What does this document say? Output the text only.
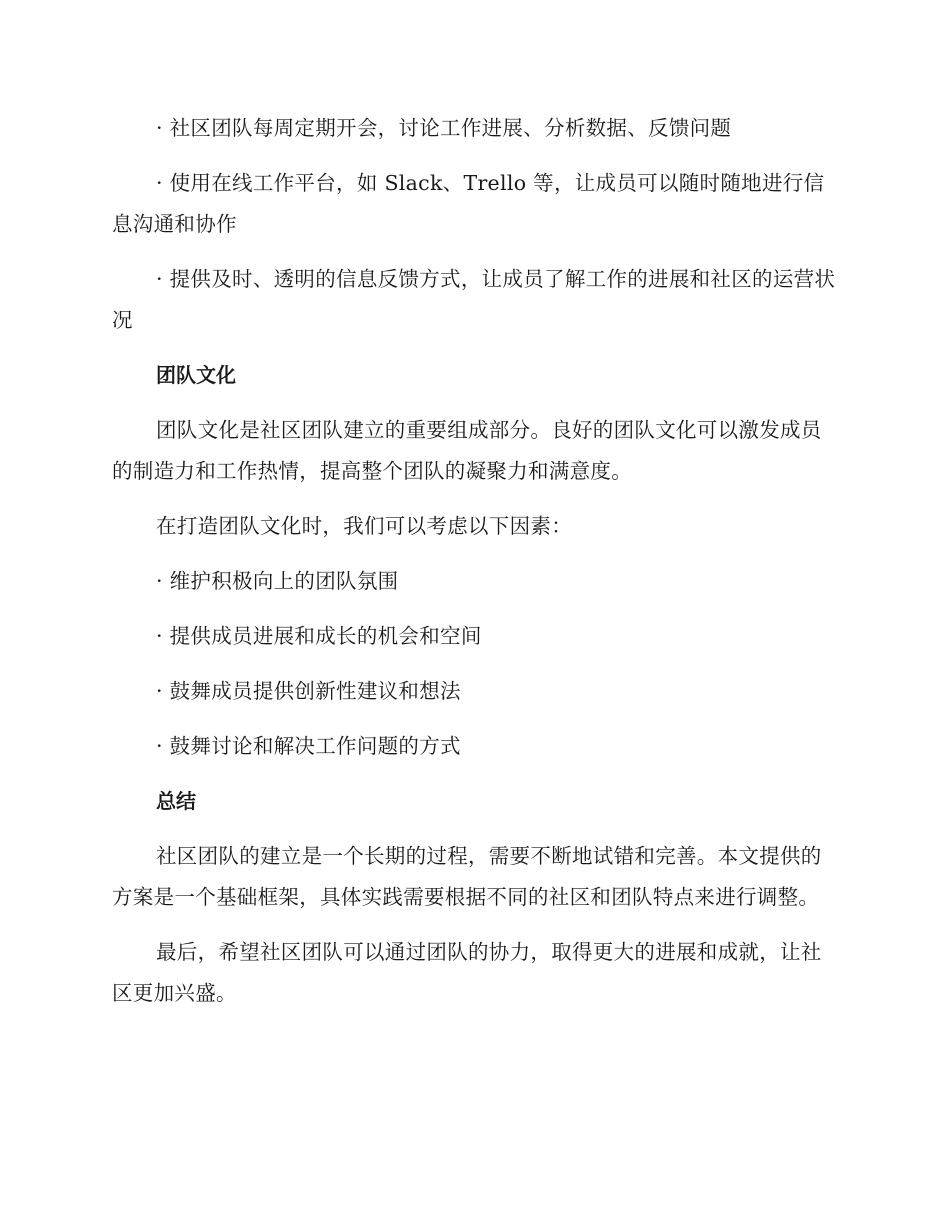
· 社区团队每周定期开会，讨论工作进展、分析数据、反馈问题

· 使用在线工作平台，如 Slack、Trello 等，让成员可以随时随地进行信息沟通和协作

· 提供及时、透明的信息反馈方式，让成员了解工作的进展和社区的运营状况

团队文化

团队文化是社区团队建立的重要组成部分。良好的团队文化可以激发成员的制造力和工作热情，提高整个团队的凝聚力和满意度。

在打造团队文化时，我们可以考虑以下因素：

· 维护积极向上的团队氛围

· 提供成员进展和成长的机会和空间

· 鼓舞成员提供创新性建议和想法

· 鼓舞讨论和解决工作问题的方式

总结

社区团队的建立是一个长期的过程，需要不断地试错和完善。本文提供的方案是一个基础框架，具体实践需要根据不同的社区和团队特点来进行调整。

最后，希望社区团队可以通过团队的协力，取得更大的进展和成就，让社区更加兴盛。
